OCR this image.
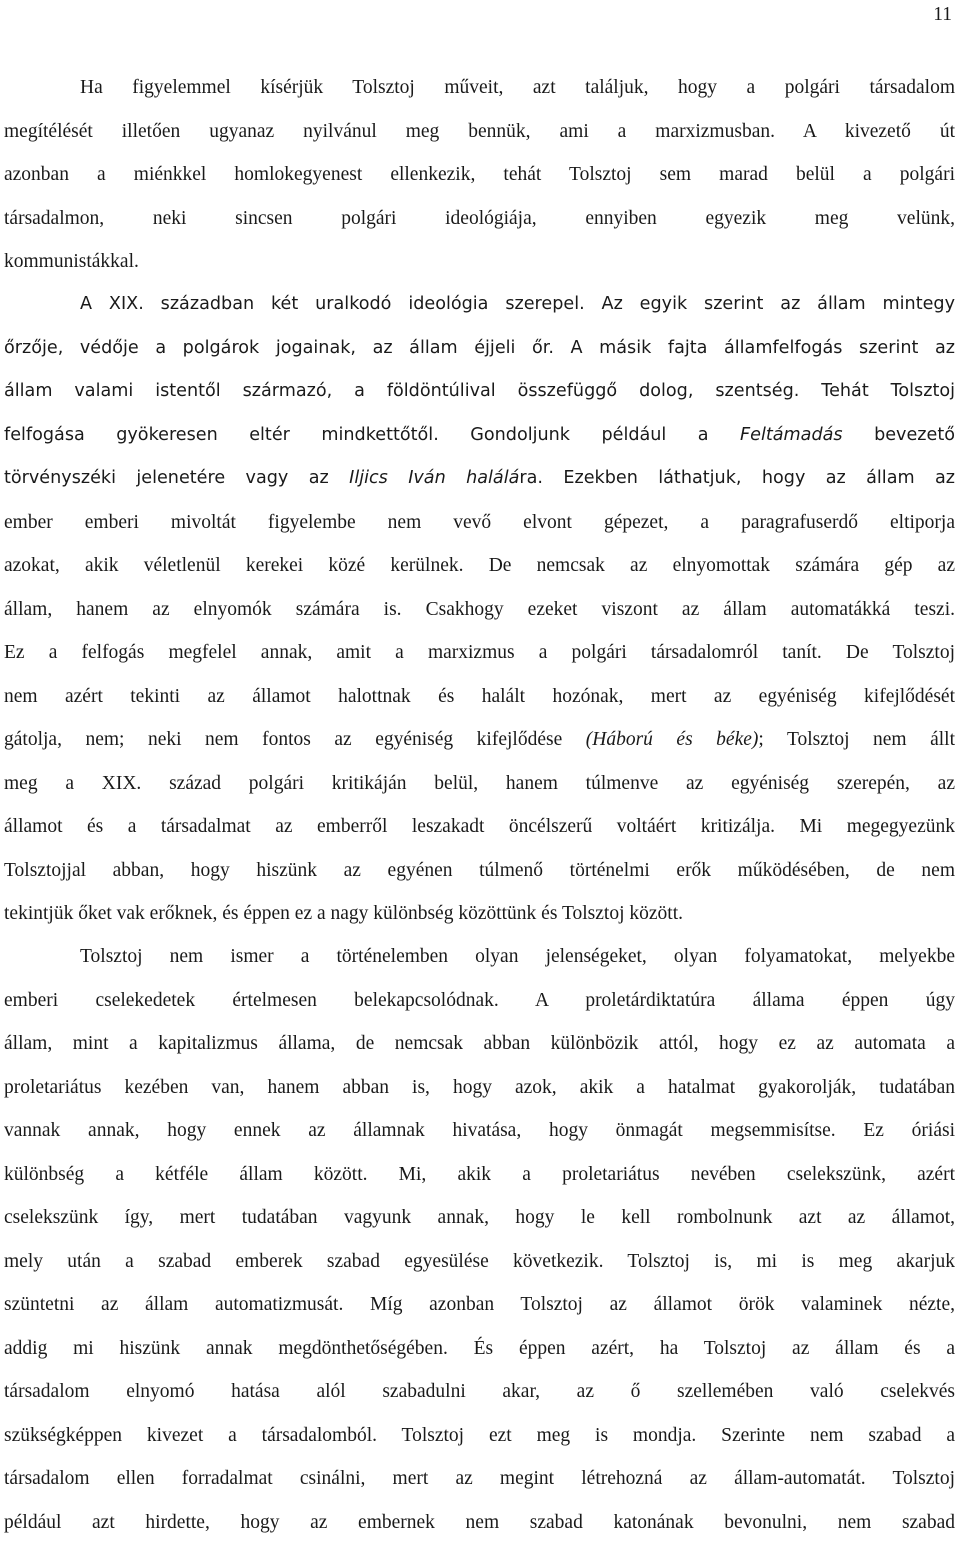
11

Ha figyelemmel kísérjük Tolsztoj műveit, azt találjuk, hogy a polgári társadalom
megítélését illetően ugyanaz nyilvánul meg bennük, ami a marxizmusban. A kivezető út
azonban a miénkkel homlokegyenest ellenkezik, tehát Tolsztoj sem marad belül a polgári
társadalmon, neki sincsen polgári ideológiája, ennyiben egyezik meg velünk,
kommunistákkal.

A XIX. században két uralkodó ideológia szerepel. Az egyik szerint az állam mintegy
őrzője, védője a polgárok jogainak, az állam éjjeli őr. A másik fajta államfelfogás szerint az
állam valami istentől származó, a földöntúlival összefüggő dolog, szentség. Tehát Tolsztoj
felfogása gyökeresen eltér mindkettőtől. Gondoljunk például a Feltámadás bevezető
törvényszéki jelenetére vagy az Iljics Iván halálára. Ezekben láthatjuk, hogy az állam az
ember emberi mivoltát figyelembe nem vevő elvont gépezet, a paragrafuserdő eltiporja
azokat, akik véletlenül kerekei közé kerülnek. De nemcsak az elnyomottak számára gép az
állam, hanem az elnyomók számára is. Csakhogy ezeket viszont az állam automatákká teszi.
Ez a felfogás megfelel annak, amit a marxizmus a polgári társadalomról tanít. De Tolsztoj
nem azért tekinti az államot halottnak és halált hozónak, mert az egyéniség kifejlődését
gátolja, nem; neki nem fontos az egyéniség kifejlődése (Háború és béke); Tolsztoj nem állt
meg a XIX. század polgári kritikáján belül, hanem túlmenve az egyéniség szerepén, az
államot és a társadalmat az emberről leszakadt öncélszerű voltáért kritizálja. Mi megegyezünk
Tolsztojjal abban, hogy hiszünk az egyénen túlmenő történelmi erők működésében, de nem
tekintjük őket vak erőknek, és éppen ez a nagy különbség közöttünk és Tolsztoj között.

Tolsztoj nem ismer a történelemben olyan jelenségeket, olyan folyamatokat, melyekbe
emberi cselekedetek értelmesen belekapcsolódnak. A proletárdiktatúra állama éppen úgy
állam, mint a kapitalizmus állama, de nemcsak abban különbözik attól, hogy ez az automata a
proletariátus kezében van, hanem abban is, hogy azok, akik a hatalmat gyakorolják, tudatában
vannak annak, hogy ennek az államnak hivatása, hogy önmagát megsemmisítse. Ez óriási
különbség a kétféle állam között. Mi, akik a proletariátus nevében cselekszünk, azért
cselekszünk így, mert tudatában vagyunk annak, hogy le kell rombolnunk azt az államot,
mely után a szabad emberek szabad egyesülése következik. Tolsztoj is, mi is meg akarjuk
szüntetni az állam automatizmusát. Míg azonban Tolsztoj az államot örök valaminek nézte,
addig mi hiszünk annak megdönthetőségében. És éppen azért, ha Tolsztoj az állam és a
társadalom elnyomó hatása alól szabadulni akar, az ő szellemében való cselekvés
szükségképpen kivezet a társadalomból. Tolsztoj ezt meg is mondja. Szerinte nem szabad a
társadalom ellen forradalmat csinálni, mert az megint létrehozná az állam-automatát. Tolsztoj
például azt hirdette, hogy az embernek nem szabad katonának bevonulni, nem szabad
